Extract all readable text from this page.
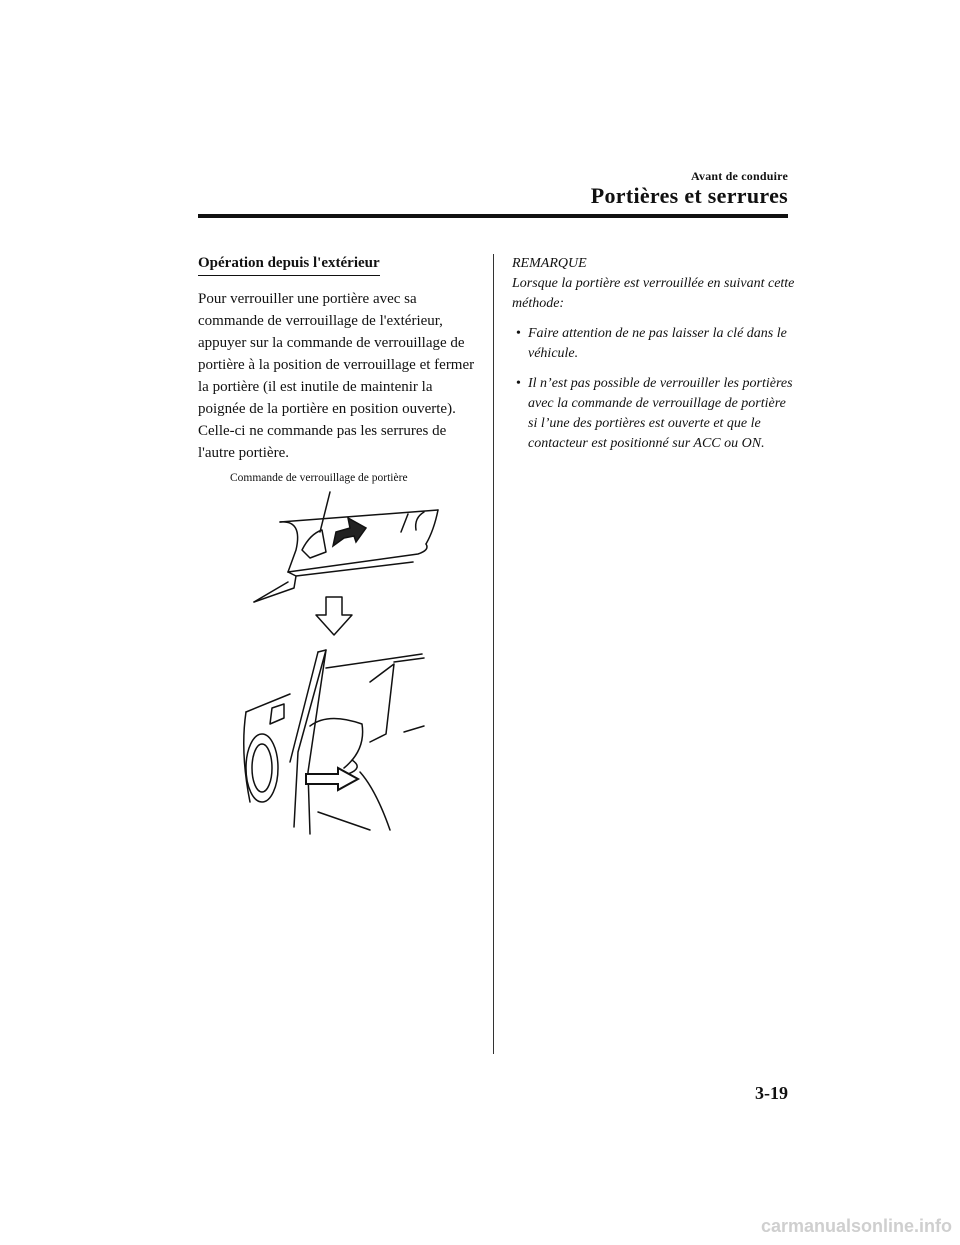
Avant de conduire
Portières et serrures
Opération depuis l'extérieur

Pour verrouiller une portière avec sa commande de verrouillage de l'extérieur, appuyer sur la commande de verrouillage de portière à la position de verrouillage et fermer la portière (il est inutile de maintenir la poignée de la portière en position ouverte).

Celle-ci ne commande pas les serrures de l'autre portière.

Commande de verrouillage de portière

REMARQUE

Lorsque la portière est verrouillée en suivant cette méthode:

• Faire attention de ne pas laisser la clé dans le véhicule.
• Il n’est pas possible de verrouiller les portières avec la commande de verrouillage de portière si l’une des portières est ouverte et que le contacteur est positionné sur ACC ou ON.
3-19
carmanualsonline.info
